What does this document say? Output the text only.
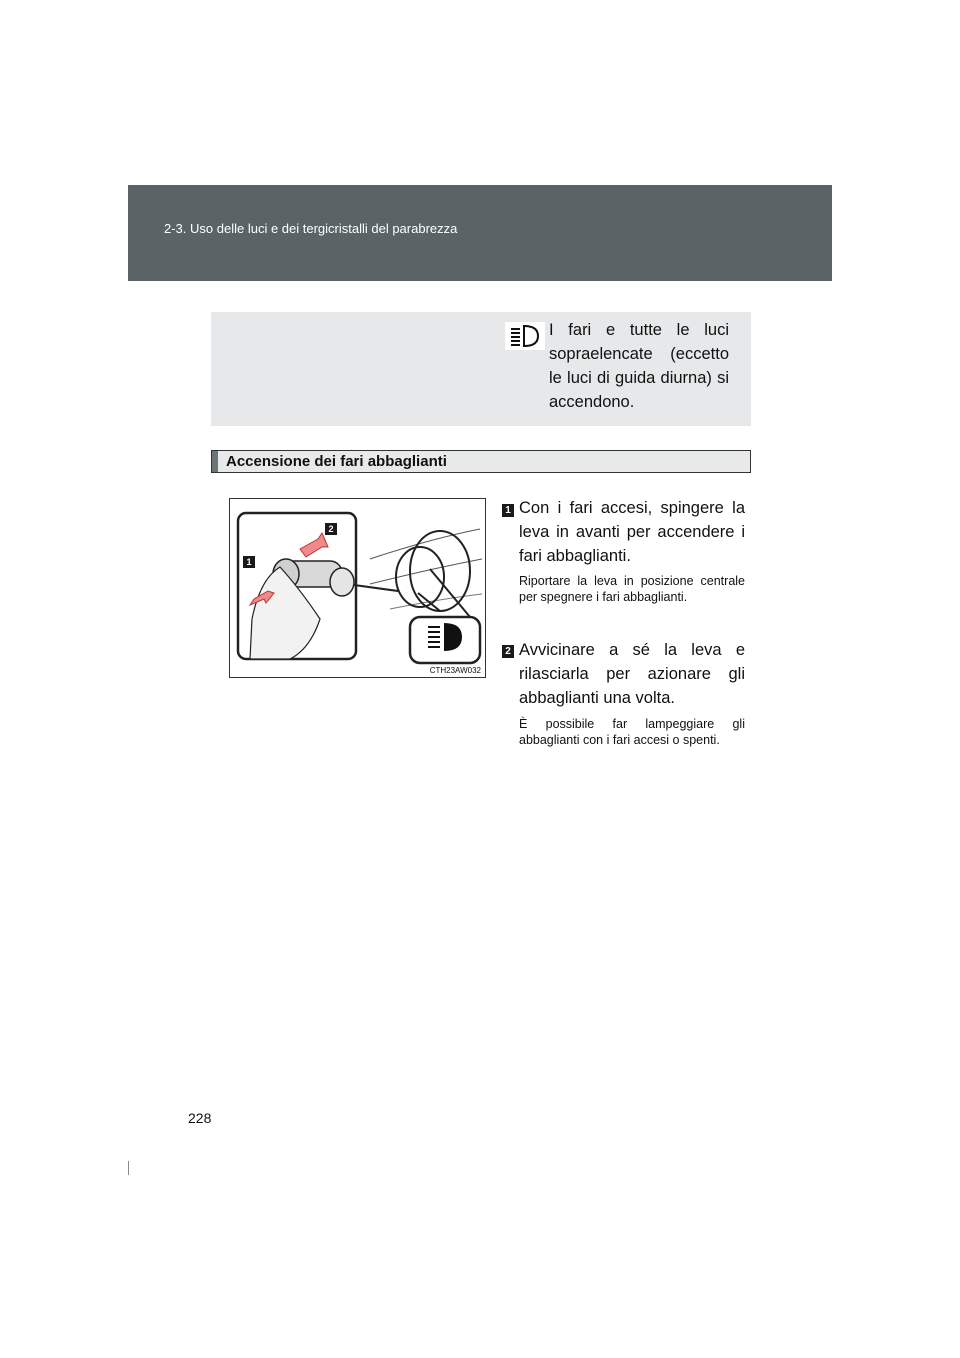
2-3. Uso delle luci e dei tergicristalli del parabrezza
I fari e tutte le luci sopraelencate (eccetto le luci di guida diurna) si accendono.
Accensione dei fari abbaglianti
1
2
CTH23AW032
1 Con i fari accesi, spingere la leva in avanti per accendere i fari abbaglianti.
Riportare la leva in posizione centrale per spegnere i fari abbaglianti.
2 Avvicinare a sé la leva e rilasciarla per azionare gli abbaglianti una volta.
È possibile far lampeggiare gli abbaglianti con i fari accesi o spenti.
228
